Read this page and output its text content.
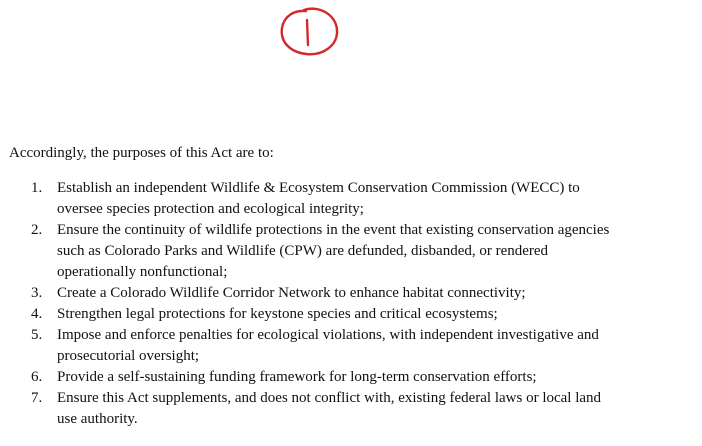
Accordingly, the purposes of this Act are to:
1. Establish an independent Wildlife & Ecosystem Conservation Commission (WECC) to oversee species protection and ecological integrity;
2. Ensure the continuity of wildlife protections in the event that existing conservation agencies such as Colorado Parks and Wildlife (CPW) are defunded, disbanded, or rendered operationally nonfunctional;
3. Create a Colorado Wildlife Corridor Network to enhance habitat connectivity;
4. Strengthen legal protections for keystone species and critical ecosystems;
5. Impose and enforce penalties for ecological violations, with independent investigative and prosecutorial oversight;
6. Provide a self-sustaining funding framework for long-term conservation efforts;
7. Ensure this Act supplements, and does not conflict with, existing federal laws or local land use authority.
